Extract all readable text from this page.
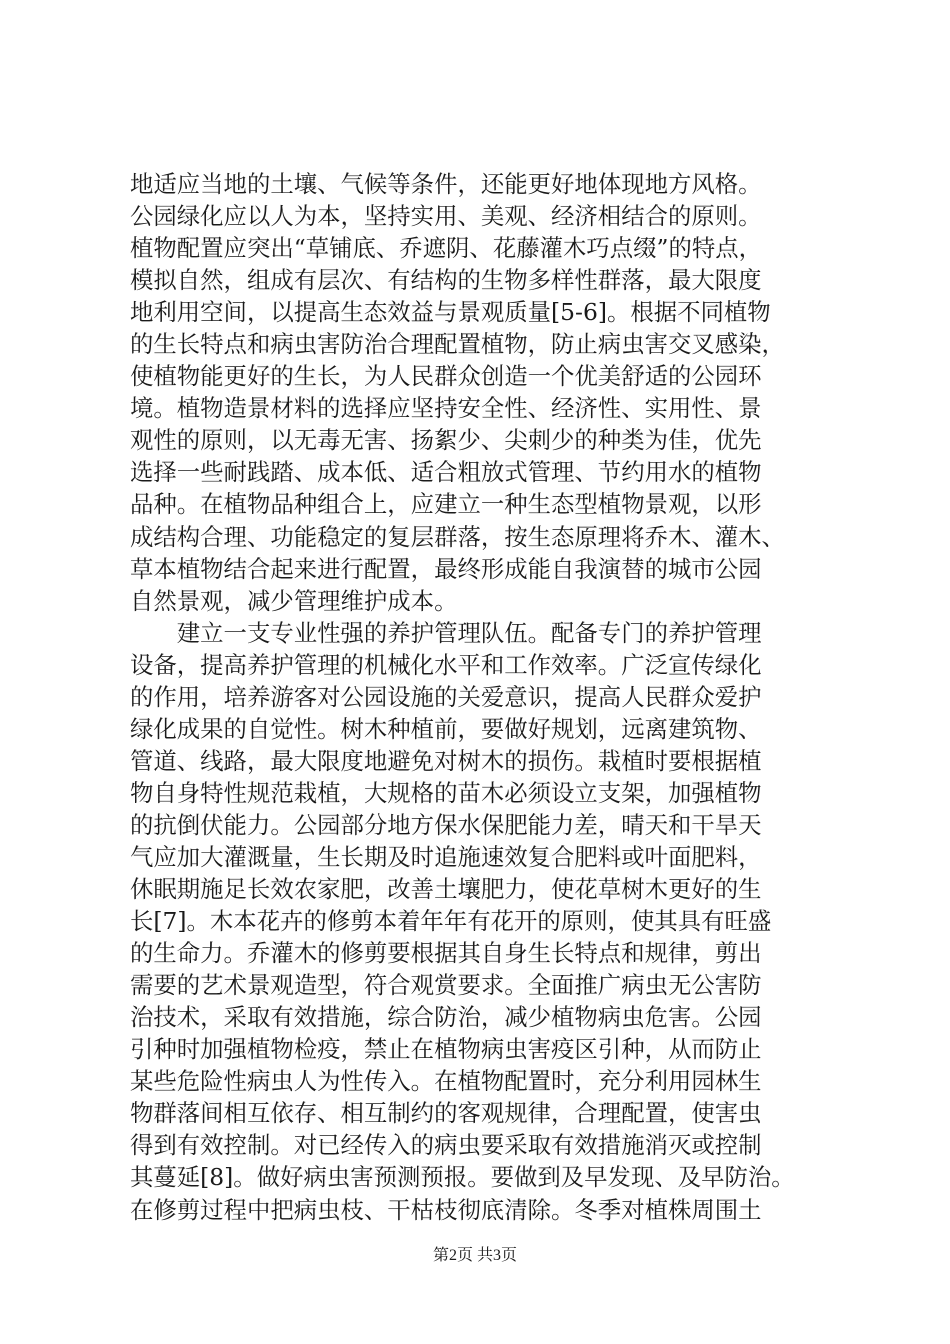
地适应当地的土壤、气候等条件，还能更好地体现地方风格。
公园绿化应以人为本，坚持实用、美观、经济相结合的原则。
植物配置应突出“草铺底、乔遮阴、花藤灌木巧点缀”的特点，
模拟自然，组成有层次、有结构的生物多样性群落，最大限度
地利用空间，以提高生态效益与景观质量[5-6]。根据不同植物
的生长特点和病虫害防治合理配置植物，防止病虫害交叉感染，
使植物能更好的生长，为人民群众创造一个优美舒适的公园环
境。植物造景材料的选择应坚持安全性、经济性、实用性、景
观性的原则，以无毒无害、扬絮少、尖刺少的种类为佳，优先
选择一些耐践踏、成本低、适合粗放式管理、节约用水的植物
品种。在植物品种组合上，应建立一种生态型植物景观，以形
成结构合理、功能稳定的复层群落，按生态原理将乔木、灌木、
草本植物结合起来进行配置，最终形成能自我演替的城市公园
自然景观，减少管理维护成本。
　　建立一支专业性强的养护管理队伍。配备专门的养护管理
设备，提高养护管理的机械化水平和工作效率。广泛宣传绿化
的作用，培养游客对公园设施的关爱意识，提高人民群众爱护
绿化成果的自觉性。树木种植前，要做好规划，远离建筑物、
管道、线路，最大限度地避免对树木的损伤。栽植时要根据植
物自身特性规范栽植，大规格的苗木必须设立支架，加强植物
的抗倒伏能力。公园部分地方保水保肥能力差，晴天和干旱天
气应加大灌溉量，生长期及时追施速效复合肥料或叶面肥料，
休眠期施足长效农家肥，改善土壤肥力，使花草树木更好的生
长[7]。木本花卉的修剪本着年年有花开的原则，使其具有旺盛
的生命力。乔灌木的修剪要根据其自身生长特点和规律，剪出
需要的艺术景观造型，符合观赏要求。全面推广病虫无公害防
治技术，采取有效措施，综合防治，减少植物病虫危害。公园
引种时加强植物检疫，禁止在植物病虫害疫区引种，从而防止
某些危险性病虫人为性传入。在植物配置时，充分利用园林生
物群落间相互依存、相互制约的客观规律，合理配置，使害虫
得到有效控制。对已经传入的病虫要采取有效措施消灭或控制
其蔓延[8]。做好病虫害预测预报。要做到及早发现、及早防治。
在修剪过程中把病虫枝、干枯枝彻底清除。冬季对植株周围土
第2页 共3页
